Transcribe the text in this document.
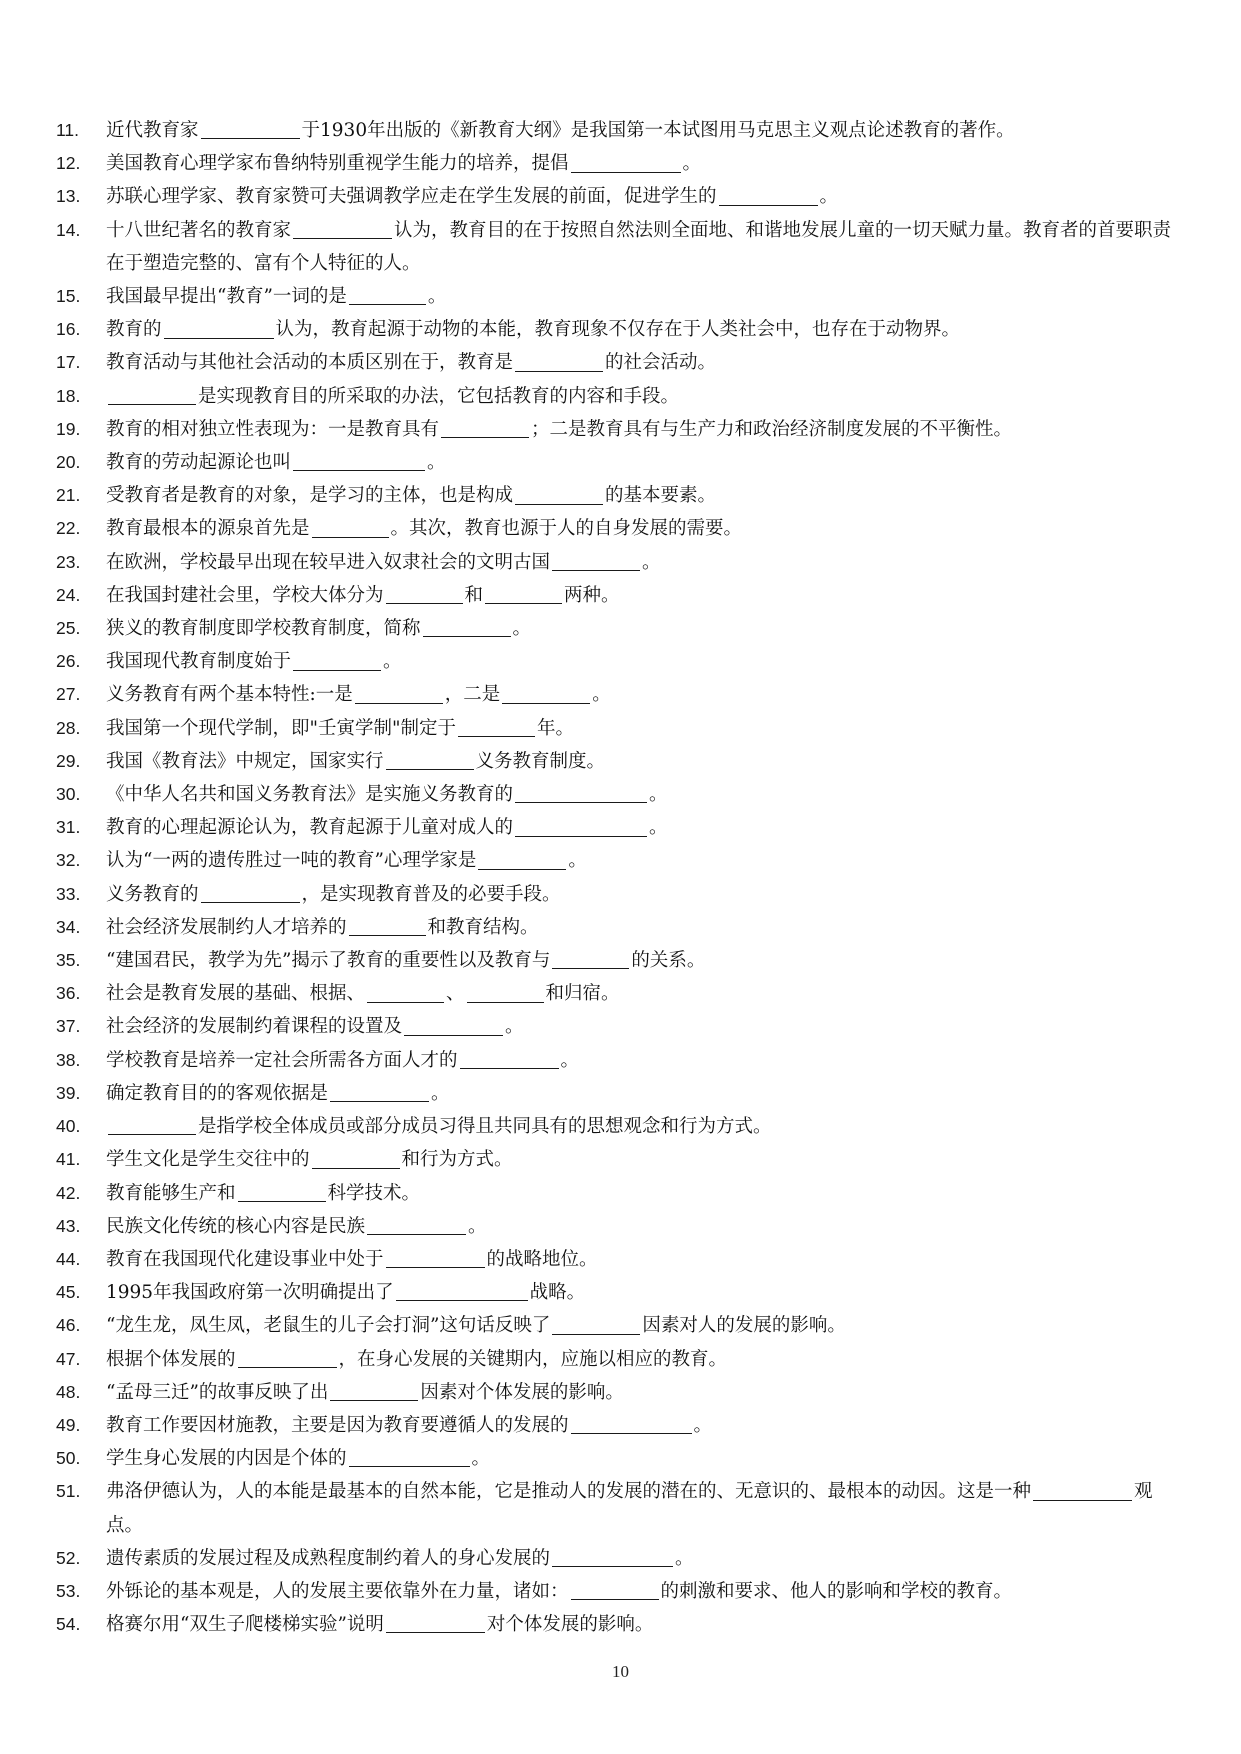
11.	近代教育家	于1930年出版的《新教育大纲》是我国第一本试图用马克思主义观点论述教育的著作。
12.	美国教育心理学家布鲁纳特别重视学生能力的培养，提倡	。
13.	苏联心理学家、教育家赞可夫强调教学应走在学生发展的前面，促进学生的	。
14.	十八世纪著名的教育家	认为，教育目的在于按照自然法则全面地、和谐地发展儿童的一切天赋力量。教育者的首要职责在于塑造完整的、富有个人特征的人。
15.	我国最早提出“教育”一词的是	。
16.	教育的	认为，教育起源于动物的本能，教育现象不仅存在于人类社会中，也存在于动物界。
17.	教育活动与其他社会活动的本质区别在于，教育是	的社会活动。
18.	是实现教育目的所采取的办法，它包括教育的内容和手段。
19.	教育的相对独立性表现为：一是教育具有	；二是教育具有与生产力和政治经济制度发展的不平衡性。
20.	教育的劳动起源论也叫	。
21.	受教育者是教育的对象，是学习的主体，也是构成	的基本要素。
22.	教育最根本的源泉首先是	。其次，教育也源于人的自身发展的需要。
23.	在欧洲，学校最早出现在较早进入奴隶社会的文明古国	。
24.	在我国封建社会里，学校大体分为	和	两种。
25.	狭义的教育制度即学校教育制度，简称	。
26.	我国现代教育制度始于	。
27.	义务教育有两个基本特性:一是	，二是	。
28.	我国第一个现代学制，即"壬寅学制"制定于	年。
29.	我国《教育法》中规定，国家实行	义务教育制度。
30.	《中华人名共和国义务教育法》是实施义务教育的	。
31.	教育的心理起源论认为，教育起源于儿童对成人的	。
32.	认为“一两的遗传胜过一吨的教育”心理学家是	。
33.	义务教育的	，是实现教育普及的必要手段。
34.	社会经济发展制约人才培养的	和教育结构。
35.	“建国君民，教学为先”揭示了教育的重要性以及教育与	的关系。
36.	社会是教育发展的基础、根据、	、	和归宿。
37.	社会经济的发展制约着课程的设置及	。
38.	学校教育是培养一定社会所需各方面人才的	。
39.	确定教育目的的客观依据是	。
40.	是指学校全体成员或部分成员习得且共同具有的思想观念和行为方式。
41.	学生文化是学生交往中的	和行为方式。
42.	教育能够生产和	科学技术。
43.	民族文化传统的核心内容是民族	。
44.	教育在我国现代化建设事业中处于	的战略地位。
45.	1995年我国政府第一次明确提出了	战略。
46.	“龙生龙，凤生凤，老鼠生的儿子会打洞”这句话反映了	因素对人的发展的影响。
47.	根据个体发展的	，在身心发展的关键期内，应施以相应的教育。
48.	“孟母三迁”的故事反映了出	因素对个体发展的影响。
49.	教育工作要因材施教，主要是因为教育要遵循人的发展的	。
50.	学生身心发展的内因是个体的	。
51.	弗洛伊德认为，人的本能是最基本的自然本能，它是推动人的发展的潜在的、无意识的、最根本的动因。这是一种	观点。
52.	遗传素质的发展过程及成熟程度制约着人的身心发展的	。
53.	外铄论的基本观是，人的发展主要依靠外在力量，诸如：	的刺激和要求、他人的影响和学校的教育。
54.	格赛尔用“双生子爬楼梯实验”说明	对个体发展的影响。
10
